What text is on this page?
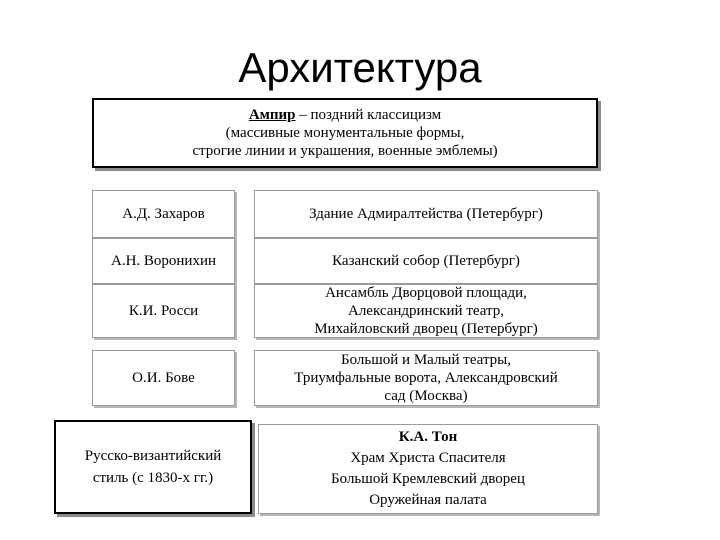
Архитектура
Ампир – поздний классицизм
(массивные монументальные формы,
строгие линии и украшения, военные эмблемы)
А.Д. Захаров	Здание Адмиралтейства (Петербург)
А.Н. Воронихин	Казанский собор (Петербург)
К.И. Росси
Ансамбль Дворцовой площади,
Александринский театр,
Михайловский дворец (Петербург)
О.И. Бове
Большой и Малый театры,
Триумфальные ворота, Александровский
сад (Москва)
Русско-византийский
стиль (с 1830-х гг.)
К.А. Тон
Храм Христа Спасителя
Большой Кремлевский дворец
Оружейная палата
